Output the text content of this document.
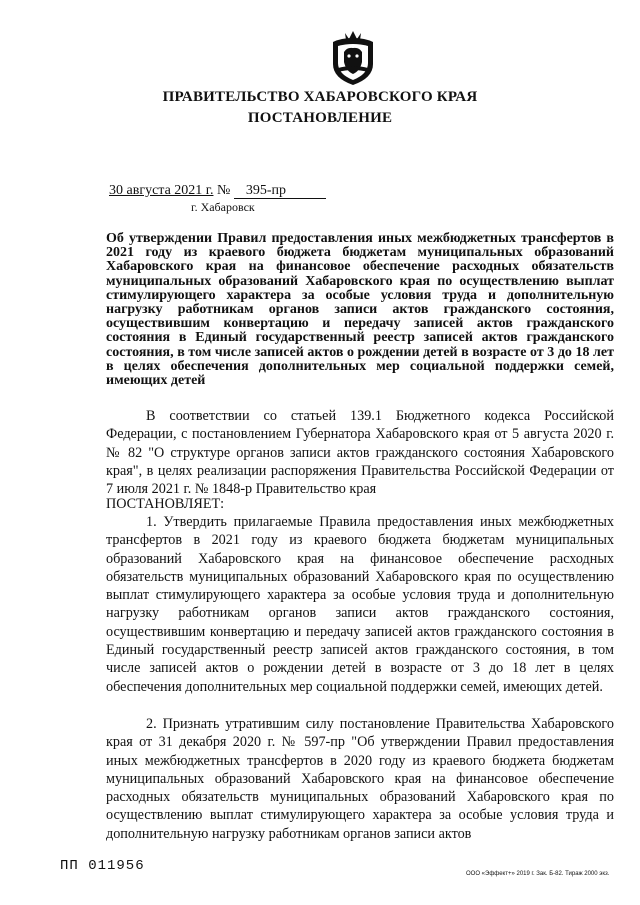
ПРАВИТЕЛЬСТВО ХАБАРОВСКОГО КРАЯ
ПОСТАНОВЛЕНИЕ
30 августа 2021 г. № 395-пр
г. Хабаровск

Об утверждении Правил предоставления иных межбюджетных трансфертов в 2021 году из краевого бюджета бюджетам муниципальных образований Хабаровского края на финансовое обеспечение расходных обязательств муниципальных образований Хабаровского края по осуществлению выплат стимулирующего характера за особые условия труда и дополнительную нагрузку работникам органов записи актов гражданского состояния, осуществившим конвертацию и передачу записей актов гражданского состояния в Единый государственный реестр записей актов гражданского состояния, в том числе записей актов о рождении детей в возрасте от 3 до 18 лет в целях обеспечения дополнительных мер социальной поддержки семей, имеющих детей

В соответствии со статьей 139.1 Бюджетного кодекса Российской Федерации, с постановлением Губернатора Хабаровского края от 5 августа 2020 г. № 82 "О структуре органов записи актов гражданского состояния Хабаровского края", в целях реализации распоряжения Правительства Российской Федерации от 7 июля 2021 г. № 1848-р Правительство края

ПОСТАНОВЛЯЕТ:

1. Утвердить прилагаемые Правила предоставления иных межбюджетных трансфертов в 2021 году из краевого бюджета бюджетам муниципальных образований Хабаровского края на финансовое обеспечение расходных обязательств муниципальных образований Хабаровского края по осуществлению выплат стимулирующего характера за особые условия труда и дополнительную нагрузку работникам органов записи актов гражданского состояния, осуществившим конвертацию и передачу записей актов гражданского состояния в Единый государственный реестр записей актов гражданского состояния, в том числе записей актов о рождении детей в возрасте от 3 до 18 лет в целях обеспечения дополнительных мер социальной поддержки семей, имеющих детей.

2. Признать утратившим силу постановление Правительства Хабаровского края от 31 декабря 2020 г. № 597-пр "Об утверждении Правил предоставления иных межбюджетных трансфертов в 2020 году из краевого бюджета бюджетам муниципальных образований Хабаровского края на финансовое обеспечение расходных обязательств муниципальных образований Хабаровского края по осуществлению выплат стимулирующего характера за особые условия труда и дополнительную нагрузку работникам органов записи актов

ПП 011956	ООО «Эффект+» 2019 г. Зак. Б-82. Тираж 2000 экз.
